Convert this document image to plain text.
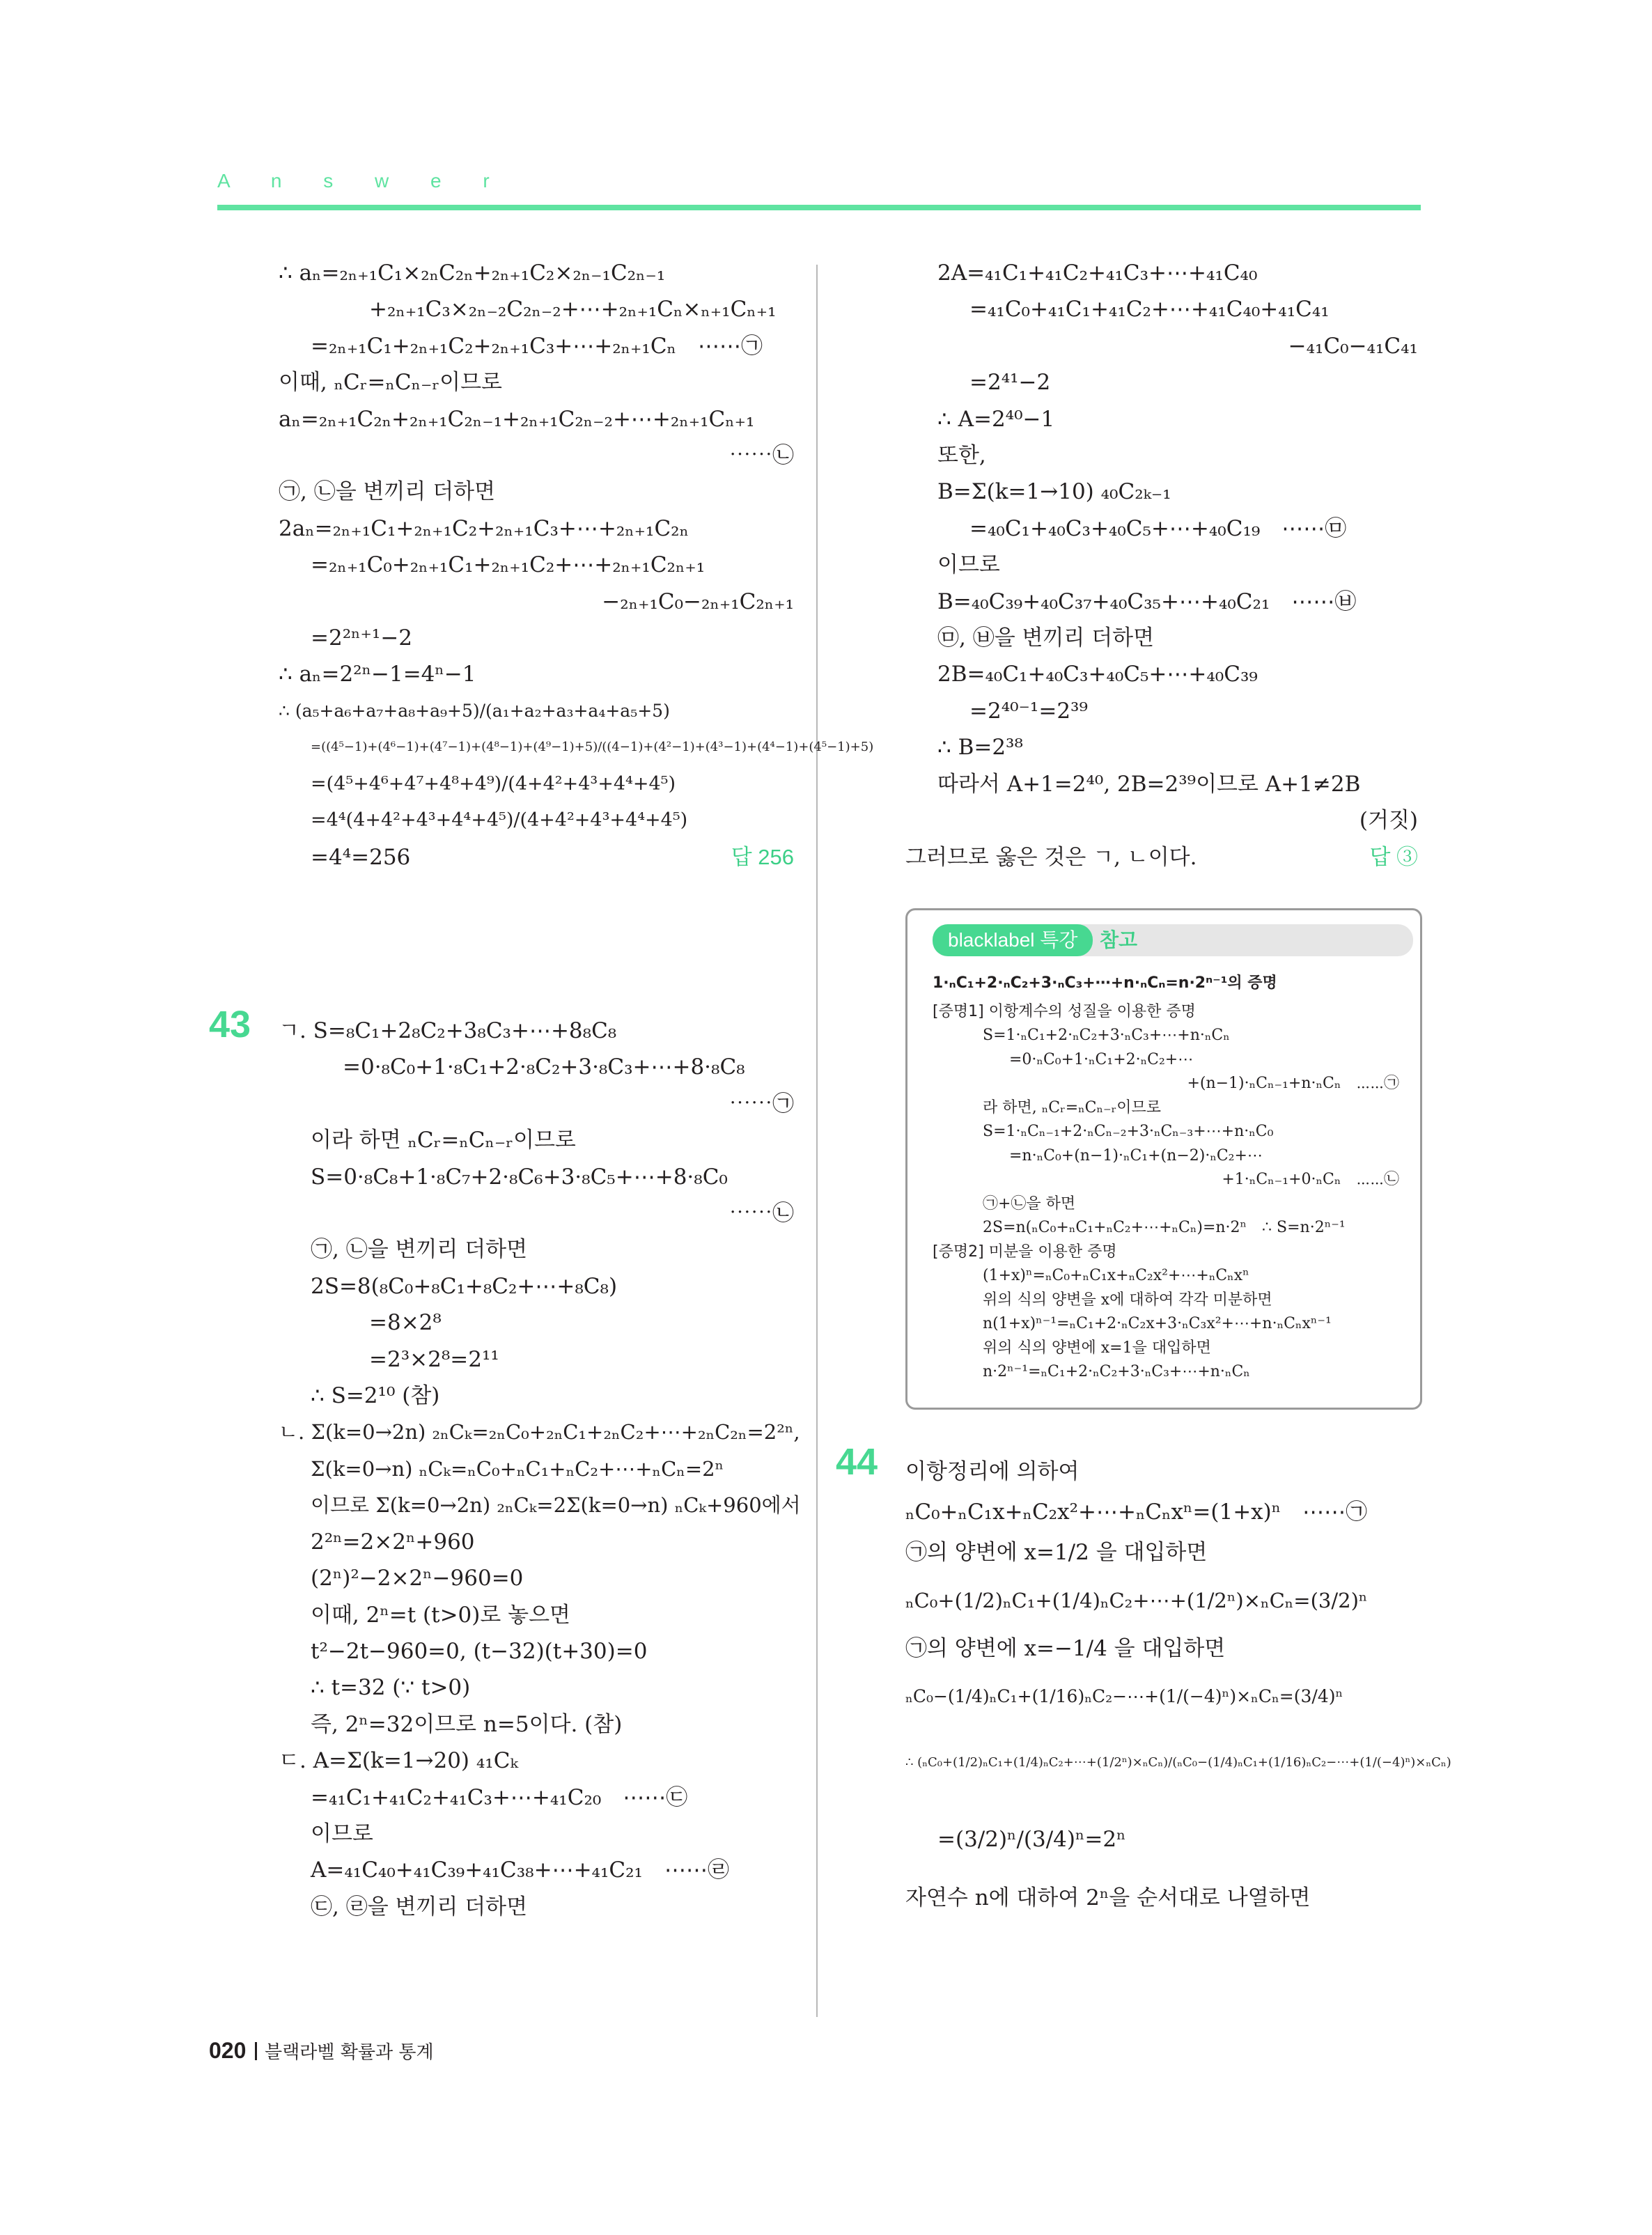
A n s w e r
∴ aₙ=₂ₙ₊₁C₁×₂ₙC₂ₙ+₂ₙ₊₁C₂×₂ₙ₋₁C₂ₙ₋₁
+₂ₙ₊₁C₃×₂ₙ₋₂C₂ₙ₋₂+⋯+₂ₙ₊₁Cₙ×ₙ₊₁Cₙ₊₁
=₂ₙ₊₁C₁+₂ₙ₊₁C₂+₂ₙ₊₁C₃+⋯+₂ₙ₊₁Cₙ　⋯⋯㉠
이때, ₙCᵣ=ₙCₙ₋ᵣ이므로
aₙ=₂ₙ₊₁C₂ₙ+₂ₙ₊₁C₂ₙ₋₁+₂ₙ₊₁C₂ₙ₋₂+⋯+₂ₙ₊₁Cₙ₊₁
⋯⋯㉡
㉠, ㉡을 변끼리 더하면
2aₙ=₂ₙ₊₁C₁+₂ₙ₊₁C₂+₂ₙ₊₁C₃+⋯+₂ₙ₊₁C₂ₙ
=₂ₙ₊₁C₀+₂ₙ₊₁C₁+₂ₙ₊₁C₂+⋯+₂ₙ₊₁C₂ₙ₊₁
−₂ₙ₊₁C₀−₂ₙ₊₁C₂ₙ₊₁
=2²ⁿ⁺¹−2
∴ aₙ=2²ⁿ−1=4ⁿ−1
∴ (a₅+a₆+a₇+a₈+a₉+5)/(a₁+a₂+a₃+a₄+a₅+5)
=((4⁵−1)+(4⁶−1)+(4⁷−1)+(4⁸−1)+(4⁹−1)+5)/((4−1)+(4²−1)+(4³−1)+(4⁴−1)+(4⁵−1)+5)
=(4⁵+4⁶+4⁷+4⁸+4⁹)/(4+4²+4³+4⁴+4⁵)
=4⁴(4+4²+4³+4⁴+4⁵)/(4+4²+4³+4⁴+4⁵)
=4⁴=256	답 256
43 ㄱ. S=₈C₁+2₈C₂+3₈C₃+⋯+8₈C₈
=0·₈C₀+1·₈C₁+2·₈C₂+3·₈C₃+⋯+8·₈C₈
⋯⋯㉠
이라 하면 ₙCᵣ=ₙCₙ₋ᵣ이므로
S=0·₈C₈+1·₈C₇+2·₈C₆+3·₈C₅+⋯+8·₈C₀
⋯⋯㉡
㉠, ㉡을 변끼리 더하면
2S=8(₈C₀+₈C₁+₈C₂+⋯+₈C₈)
=8×2⁸
=2³×2⁸=2¹¹
∴ S=2¹⁰ (참)
ㄴ. Σ(k=0→2n) ₂ₙCₖ=₂ₙC₀+₂ₙC₁+₂ₙC₂+⋯+₂ₙC₂ₙ=2²ⁿ,
Σ(k=0→n) ₙCₖ=ₙC₀+ₙC₁+ₙC₂+⋯+ₙCₙ=2ⁿ
이므로 Σ(k=0→2n) ₂ₙCₖ=2Σ(k=0→n) ₙCₖ+960에서
2²ⁿ=2×2ⁿ+960
(2ⁿ)²−2×2ⁿ−960=0
이때, 2ⁿ=t (t>0)로 놓으면
t²−2t−960=0, (t−32)(t+30)=0
∴ t=32 (∵ t>0)
즉, 2ⁿ=32이므로 n=5이다. (참)
ㄷ. A=Σ(k=1→20) ₄₁Cₖ
=₄₁C₁+₄₁C₂+₄₁C₃+⋯+₄₁C₂₀　⋯⋯㉢
이므로
A=₄₁C₄₀+₄₁C₃₉+₄₁C₃₈+⋯+₄₁C₂₁　⋯⋯㉣
㉢, ㉣을 변끼리 더하면
2A=₄₁C₁+₄₁C₂+₄₁C₃+⋯+₄₁C₄₀
=₄₁C₀+₄₁C₁+₄₁C₂+⋯+₄₁C₄₀+₄₁C₄₁
−₄₁C₀−₄₁C₄₁
=2⁴¹−2
∴ A=2⁴⁰−1
또한,
B=Σ(k=1→10) ₄₀C₂ₖ₋₁
=₄₀C₁+₄₀C₃+₄₀C₅+⋯+₄₀C₁₉　⋯⋯㉤
이므로
B=₄₀C₃₉+₄₀C₃₇+₄₀C₃₅+⋯+₄₀C₂₁　⋯⋯㉥
㉤, ㉥을 변끼리 더하면
2B=₄₀C₁+₄₀C₃+₄₀C₅+⋯+₄₀C₃₉
=2⁴⁰⁻¹=2³⁹
∴ B=2³⁸
따라서 A+1=2⁴⁰, 2B=2³⁹이므로 A+1≠2B
(거짓)
그러므로 옳은 것은 ㄱ, ㄴ이다.	답 ③
blacklabel 특강	참고
1·ₙC₁+2·ₙC₂+3·ₙC₃+⋯+n·ₙCₙ=n·2ⁿ⁻¹의 증명
[증명1] 이항계수의 성질을 이용한 증명
S=1·ₙC₁+2·ₙC₂+3·ₙC₃+⋯+n·ₙCₙ
=0·ₙC₀+1·ₙC₁+2·ₙC₂+⋯
+(n−1)·ₙCₙ₋₁+n·ₙCₙ　⋯⋯㉠
라 하면, ₙCᵣ=ₙCₙ₋ᵣ이므로
S=1·ₙCₙ₋₁+2·ₙCₙ₋₂+3·ₙCₙ₋₃+⋯+n·ₙC₀
=n·ₙC₀+(n−1)·ₙC₁+(n−2)·ₙC₂+⋯
+1·ₙCₙ₋₁+0·ₙCₙ　⋯⋯㉡
㉠+㉡을 하면
2S=n(ₙC₀+ₙC₁+ₙC₂+⋯+ₙCₙ)=n·2ⁿ　∴ S=n·2ⁿ⁻¹
[증명2] 미분을 이용한 증명
(1+x)ⁿ=ₙC₀+ₙC₁x+ₙC₂x²+⋯+ₙCₙxⁿ
위의 식의 양변을 x에 대하여 각각 미분하면
n(1+x)ⁿ⁻¹=ₙC₁+2·ₙC₂x+3·ₙC₃x²+⋯+n·ₙCₙxⁿ⁻¹
위의 식의 양변에 x=1을 대입하면
n·2ⁿ⁻¹=ₙC₁+2·ₙC₂+3·ₙC₃+⋯+n·ₙCₙ
44 이항정리에 의하여
ₙC₀+ₙC₁x+ₙC₂x²+⋯+ₙCₙxⁿ=(1+x)ⁿ　⋯⋯㉠
㉠의 양변에 x=1/2 을 대입하면
ₙC₀+(1/2)ₙC₁+(1/4)ₙC₂+⋯+(1/2ⁿ)×ₙCₙ=(3/2)ⁿ
㉠의 양변에 x=−1/4 을 대입하면
ₙC₀−(1/4)ₙC₁+(1/16)ₙC₂−⋯+(1/(−4)ⁿ)×ₙCₙ=(3/4)ⁿ
∴ (ₙC₀+(1/2)ₙC₁+(1/4)ₙC₂+⋯+(1/2ⁿ)×ₙCₙ)/(ₙC₀−(1/4)ₙC₁+(1/16)ₙC₂−⋯+(1/(−4)ⁿ)×ₙCₙ)
=(3/2)ⁿ/(3/4)ⁿ=2ⁿ
자연수 n에 대하여 2ⁿ을 순서대로 나열하면
020 블랙라벨 확률과 통계
